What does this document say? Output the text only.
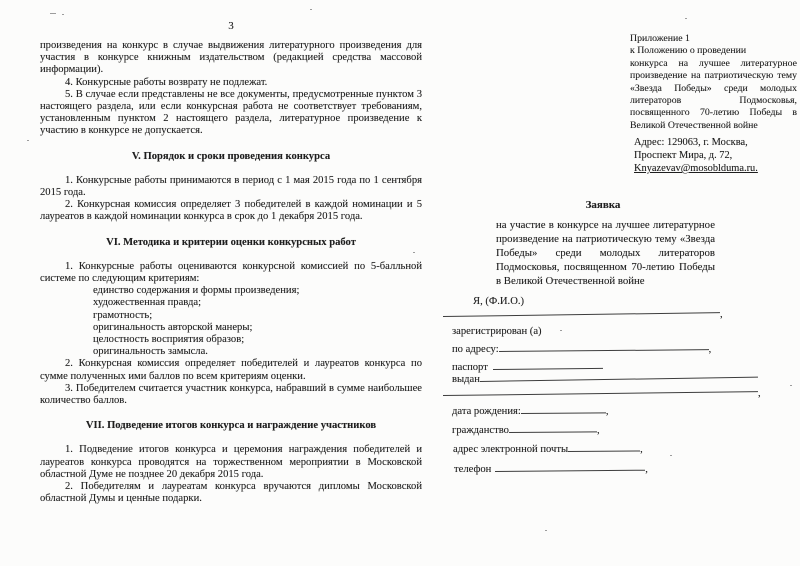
3

произведения на конкурс в случае выдвижения литературного произведения для участия в конкурсе книжным издательством (редакцией средства массовой информации).

4. Конкурсные работы возврату не подлежат.

5. В случае если представлены не все документы, предусмотренные пунктом 3 настоящего раздела, или если конкурсная работа не соответствует требованиям, установленным пунктом 2 настоящего раздела, литературное произведение к участию в конкурсе не допускается.

V. Порядок и сроки проведения конкурса

1. Конкурсные работы принимаются в период с 1 мая 2015 года по 1 сентября 2015 года.

2. Конкурсная комиссия определяет 3 победителей в каждой номинации и 5 лауреатов в каждой номинации конкурса в срок до 1 декабря 2015 года.

VI. Методика и критерии оценки конкурсных работ

1. Конкурсные работы оцениваются конкурсной комиссией по 5-балльной системе по следующим критериям:

единство содержания и формы произведения;

художественная правда;

грамотность;

оригинальность авторской манеры;

целостность восприятия образов;

оригинальность замысла.

2. Конкурсная комиссия определяет победителей и лауреатов конкурса по сумме полученных ими баллов по всем критериям оценки.

3. Победителем считается участник конкурса, набравший в сумме наибольшее количество баллов.

VII. Подведение итогов конкурса и награждение участников

1. Подведение итогов конкурса и церемония награждения победителей и лауреатов конкурса проводятся на торжественном мероприятии в Московской областной Думе не позднее 20 декабря 2015 года.

2. Победителям и лауреатам конкурса вручаются дипломы Московской областной Думы и ценные подарки.

Приложение 1
к Положению о проведении
конкурса на лучшее литературное произведение на патриотическую тему «Звезда Победы» среди молодых литераторов Подмосковья, посвященного 70-летию Победы в Великой Отечественной войне
Адрес: 129063, г. Москва,
Проспект Мира, д. 72,
Knyazevav@mosoblduma.ru.
Заявка
на участие в конкурсе на лучшее литературное произведение на патриотическую тему «Звезда Победы» среди молодых литераторов Подмосковья, посвященном 70-летию Победы в Великой Отечественной войне
Я, (Ф.И.О.)
,
зарегистрирован (а)
по адресу:	,
паспорт
выдан
,
дата рождения:	,
гражданство	,
адрес электронной почты	,
телефон	,
